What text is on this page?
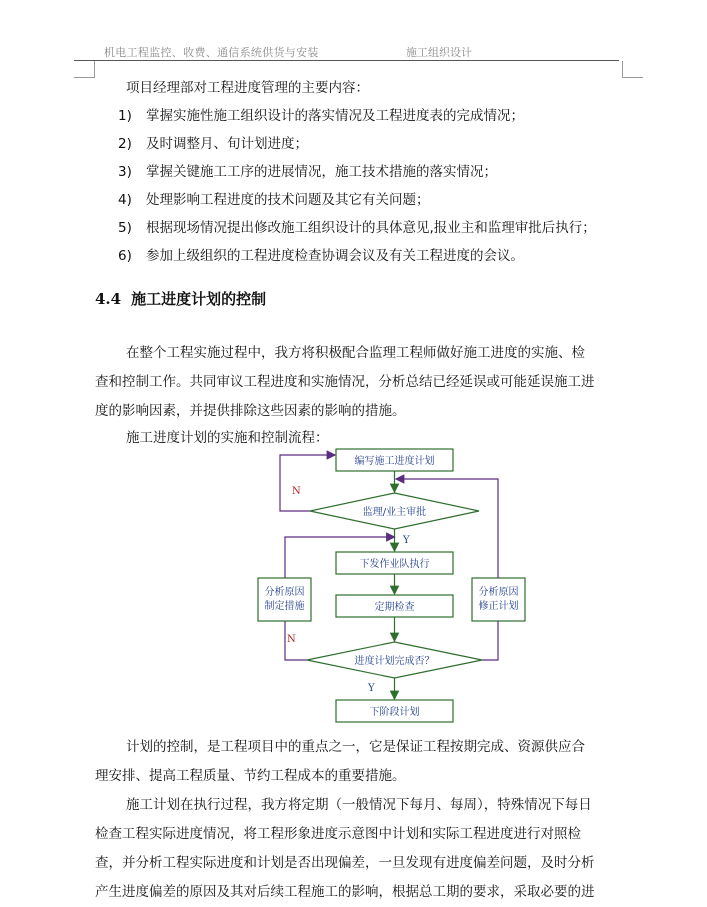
机电工程监控、收费、通信系统供货与安装	施工组织设计
项目经理部对工程进度管理的主要内容：
1) 掌握实施性施工组织设计的落实情况及工程进度表的完成情况；
2) 及时调整月、旬计划进度；
3) 掌握关键施工工序的进展情况，施工技术措施的落实情况；
4) 处理影响工程进度的技术问题及其它有关问题；
5) 根据现场情况提出修改施工组织设计的具体意见,报业主和监理审批后执行；
6) 参加上级组织的工程进度检查协调会议及有关工程进度的会议。
4.4 施工进度计划的控制
在整个工程实施过程中，我方将积极配合监理工程师做好施工进度的实施、检
查和控制工作。共同审议工程进度和实施情况，分析总结已经延误或可能延误施工进
度的影响因素，并提供排除这些因素的影响的措施。
施工进度计划的实施和控制流程：
编写施工进度计划
监理/业主审批
下发作业队执行
定期检查
分析原因
制定措施
分析原因
修正计划
进度计划完成否？
下阶段计划
N
Y
N
Y
计划的控制，是工程项目中的重点之一，它是保证工程按期完成、资源供应合
理安排、提高工程质量、节约工程成本的重要措施。
施工计划在执行过程，我方将定期（一般情况下每月、每周），特殊情况下每日
检查工程实际进度情况，将工程形象进度示意图中计划和实际工程进度进行对照检
查，并分析工程实际进度和计划是否出现偏差，一旦发现有进度偏差问题，及时分析
产生进度偏差的原因及其对后续工程施工的影响，根据总工期的要求，采取必要的进
